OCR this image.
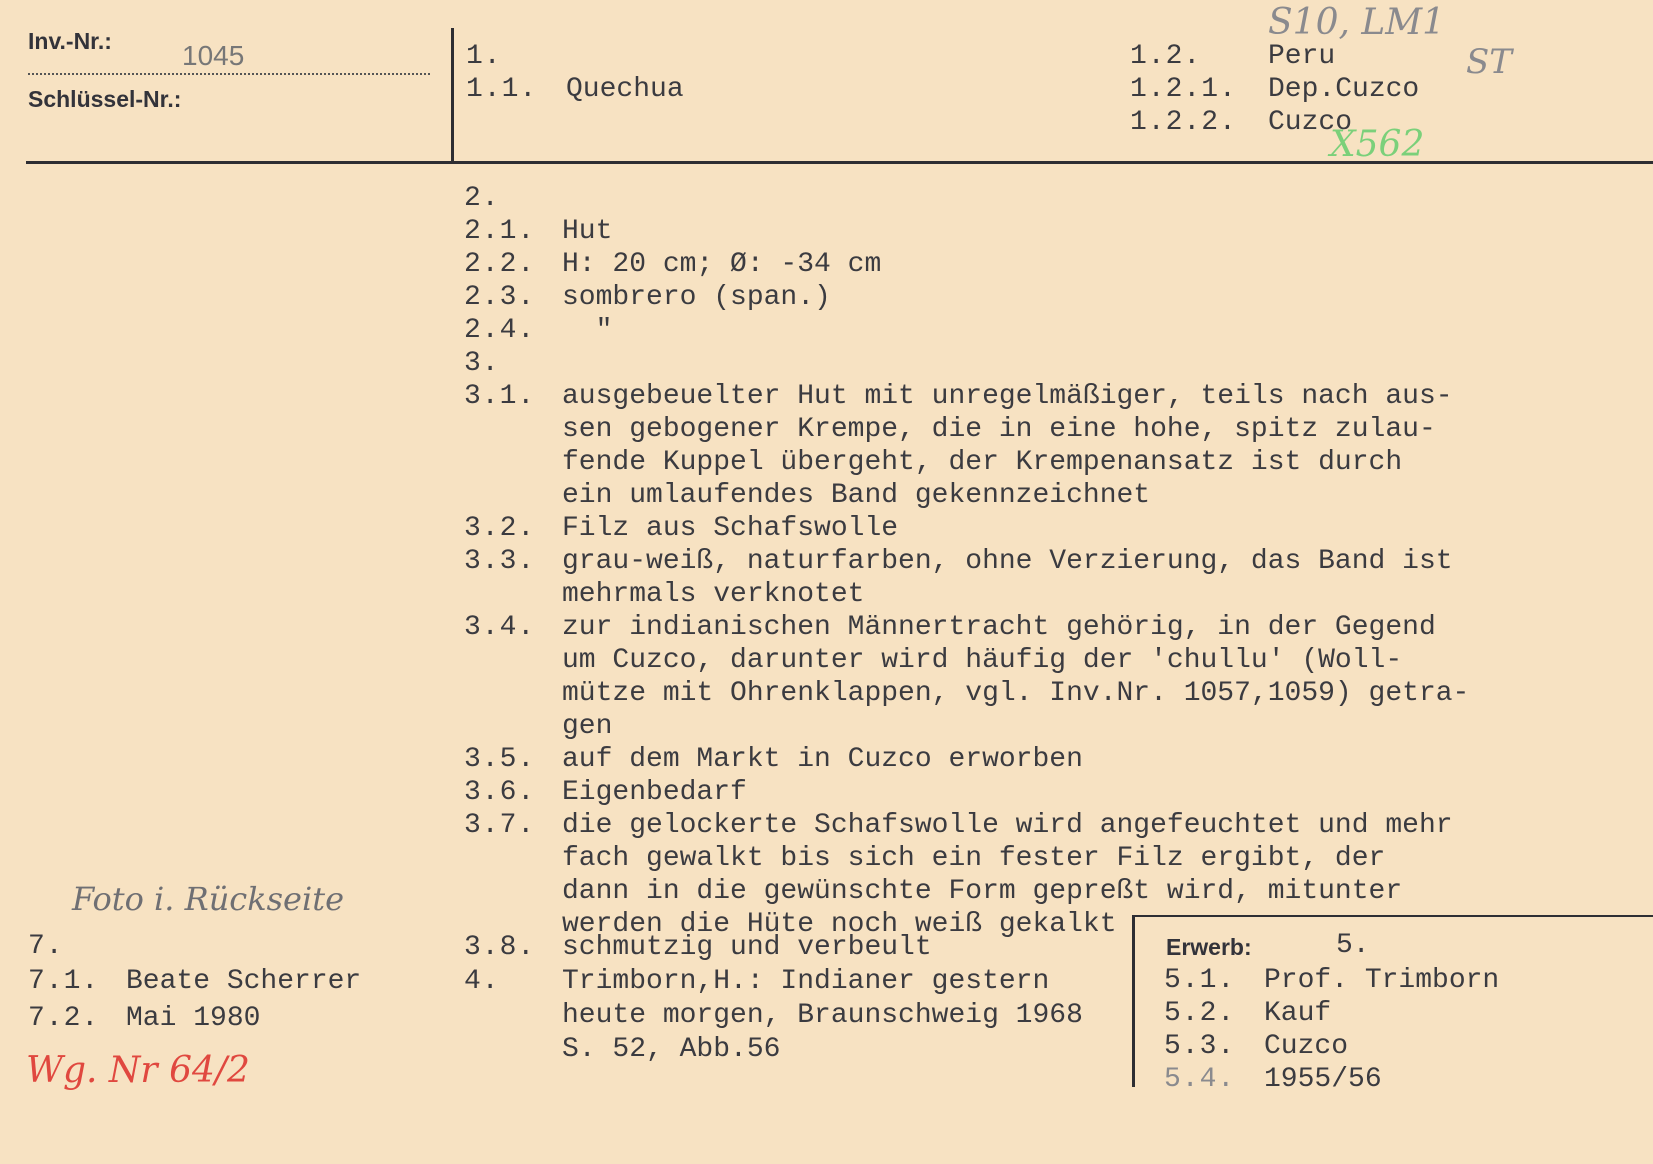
Inv.-Nr.:	1045
Schlüssel-Nr.:
1.
1.1.	Quechua
1.2.	Peru
1.2.1.	Dep.Cuzco
1.2.2.	Cuzco
S10, LM1
ST
X562
2.
2.1. Hut
2.2. H: 20 cm; Ø: -34 cm
2.3. sombrero (span.)
2.4. "
3.
3.1. ausgebeuelter Hut mit unregelmäßiger, teils nach aus-
sen gebogener Krempe, die in eine hohe, spitz zulau-
fende Kuppel übergeht, der Krempenansatz ist durch
ein umlaufendes Band gekennzeichnet
3.2. Filz aus Schafswolle
3.3. grau-weiß, naturfarben, ohne Verzierung, das Band ist
mehrmals verknotet
3.4. zur indianischen Männertracht gehörig, in der Gegend
um Cuzco, darunter wird häufig der 'chullu' (Woll-
mütze mit Ohrenklappen, vgl. Inv.Nr. 1057,1059) getra-
gen
3.5. auf dem Markt in Cuzco erworben
3.6. Eigenbedarf
3.7. die gelockerte Schafswolle wird angefeuchtet und mehr
fach gewalkt bis sich ein fester Filz ergibt, der
dann in die gewünschte Form gepreßt wird, mitunter
werden die Hüte noch weiß gekalkt
3.8. schmutzig und verbeult
4.	Trimborn,H.: Indianer gestern
heute morgen, Braunschweig 1968
S. 52, Abb.56
Foto i. Rückseite
7.
7.1. Beate Scherrer
7.2. Mai 1980
Wg. Nr 64/2
Erwerb:	5.
5.1.	Prof. Trimborn
5.2.	Kauf
5.3.	Cuzco
5.4.	1955/56
